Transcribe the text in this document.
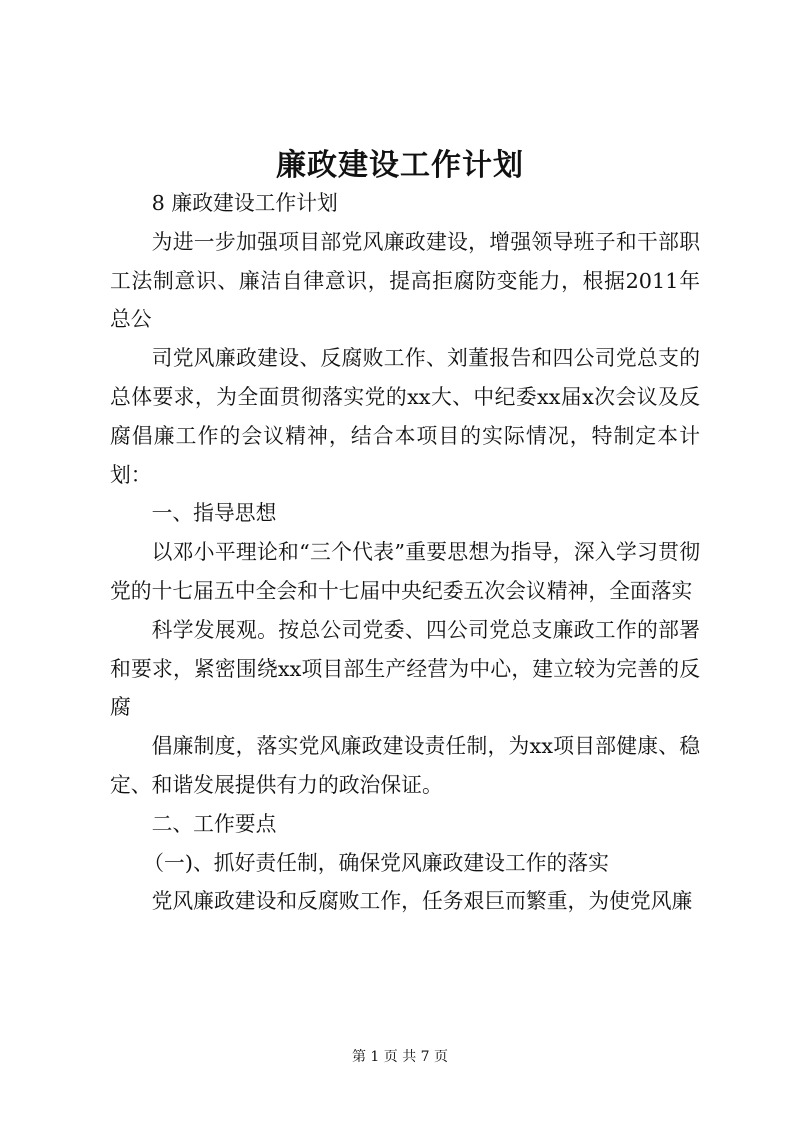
廉政建设工作计划

8 廉政建设工作计划

为进一步加强项目部党风廉政建设，增强领导班子和干部职工法制意识、廉洁自律意识，提高拒腐防变能力，根据2011年总公

司党风廉政建设、反腐败工作、刘董报告和四公司党总支的总体要求，为全面贯彻落实党的xx大、中纪委xx届x次会议及反腐倡廉工作的会议精神，结合本项目的实际情况，特制定本计划：

一、指导思想

以邓小平理论和“三个代表”重要思想为指导，深入学习贯彻党的十七届五中全会和十七届中央纪委五次会议精神，全面落实

科学发展观。按总公司党委、四公司党总支廉政工作的部署和要求，紧密围绕xx项目部生产经营为中心，建立较为完善的反腐

倡廉制度，落实党风廉政建设责任制，为xx项目部健康、稳定、和谐发展提供有力的政治保证。

二、工作要点

（一)、抓好责任制，确保党风廉政建设工作的落实

党风廉政建设和反腐败工作，任务艰巨而繁重，为使党风廉

第 1 页 共 7 页
